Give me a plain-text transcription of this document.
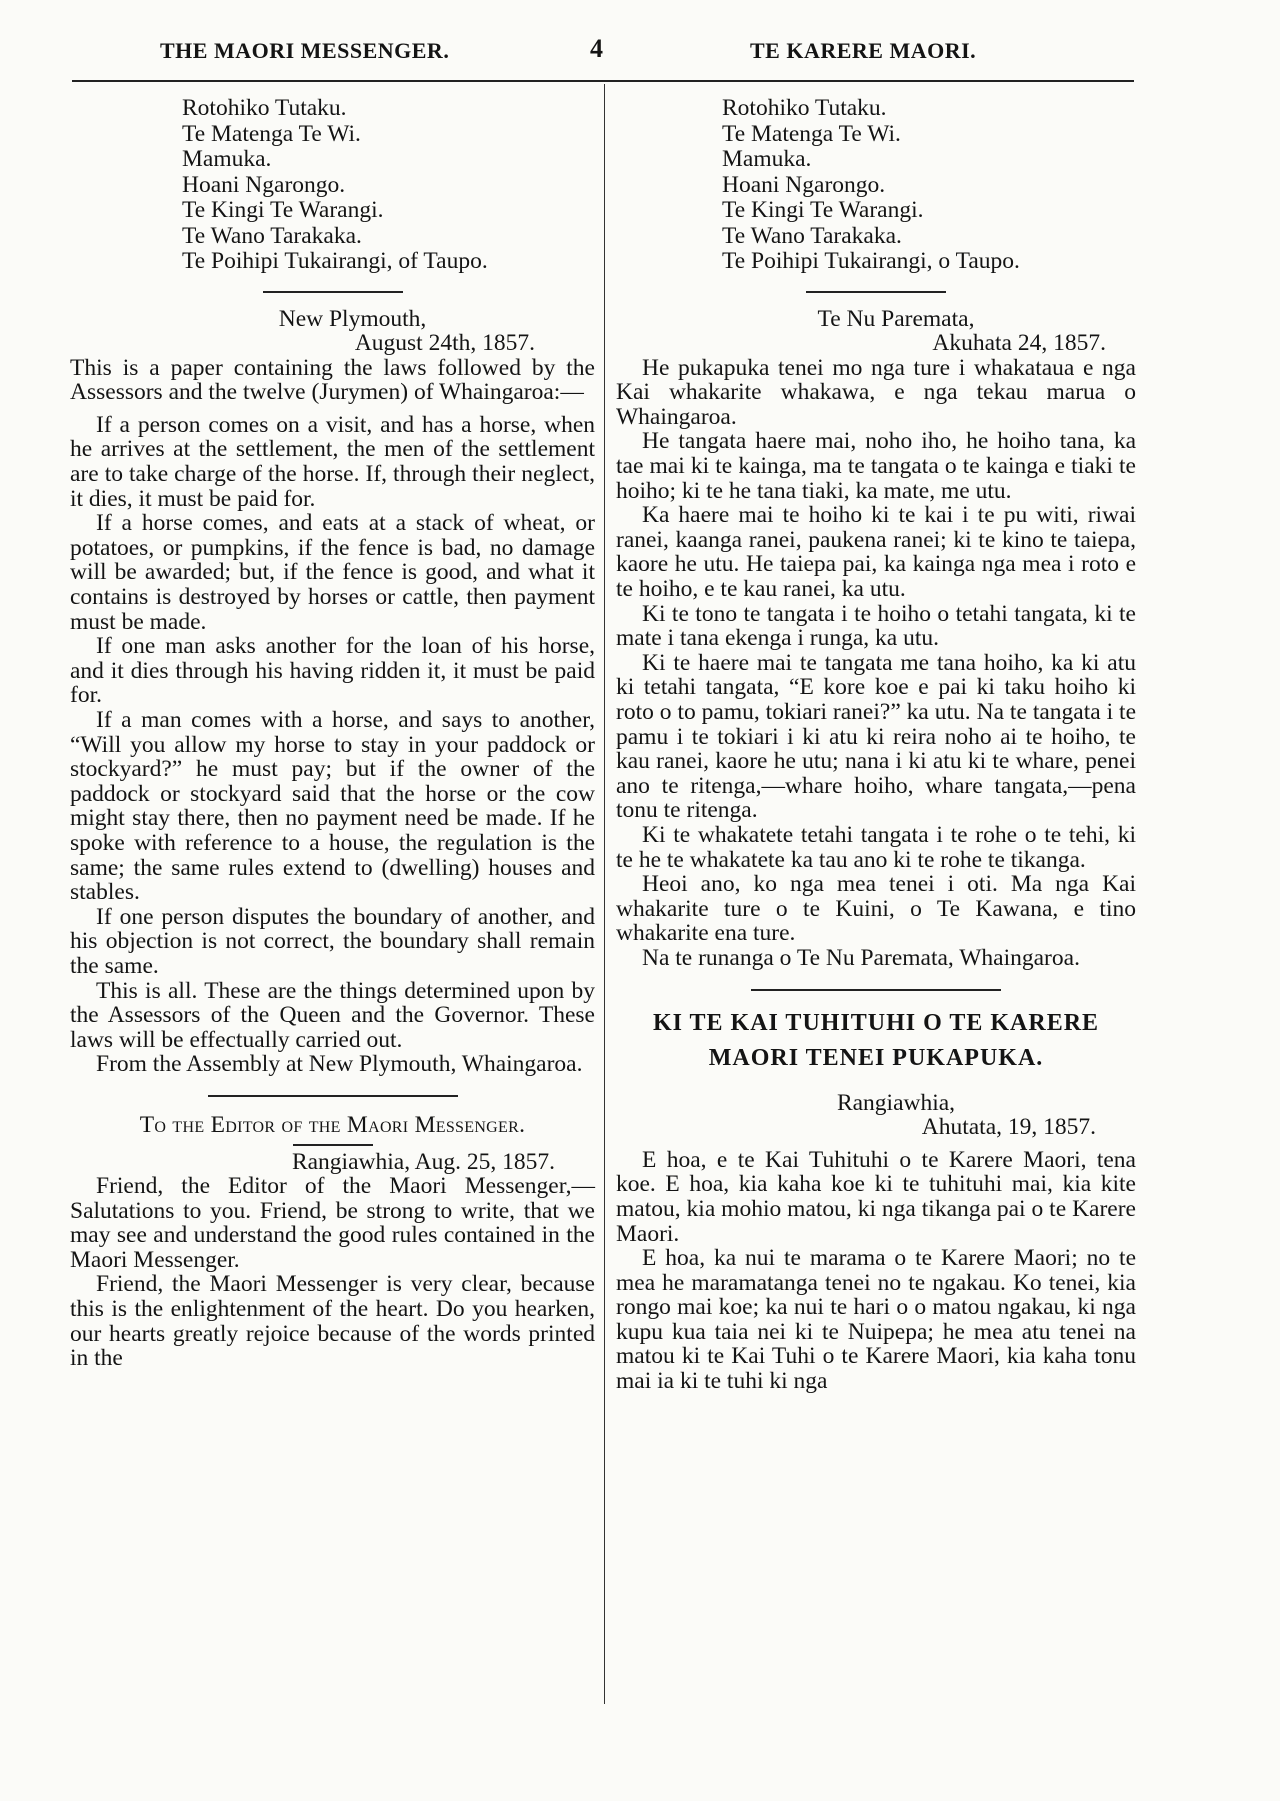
THE MAORI MESSENGER.	4	TE KARERE MAORI.
Rotohiko Tutaku.
Te Matenga Te Wi.
Mamuka.
Hoani Ngarongo.
Te Kingi Te Warangi.
Te Wano Tarakaka.
Te Poihipi Tukairangi, of Taupo.
New Plymouth,
August 24th, 1857.

This is a paper containing the laws followed by the Assessors and the twelve (Jurymen) of Whaingaroa:—

If a person comes on a visit, and has a horse, when he arrives at the settlement, the men of the settlement are to take charge of the horse. If, through their neglect, it dies, it must be paid for.

If a horse comes, and eats at a stack of wheat, or potatoes, or pumpkins, if the fence is bad, no damage will be awarded; but, if the fence is good, and what it contains is destroyed by horses or cattle, then payment must be made.

If one man asks another for the loan of his horse, and it dies through his having ridden it, it must be paid for.

If a man comes with a horse, and says to another, “Will you allow my horse to stay in your paddock or stockyard?” he must pay; but if the owner of the paddock or stockyard said that the horse or the cow might stay there, then no payment need be made. If he spoke with reference to a house, the regulation is the same; the same rules extend to (dwelling) houses and stables.

If one person disputes the boundary of another, and his objection is not correct, the boundary shall remain the same.

This is all. These are the things determined upon by the Assessors of the Queen and the Governor. These laws will be effectually carried out.

From the Assembly at New Plymouth, Whaingaroa.

To the Editor of the Maori Messenger.
Rangiawhia, Aug. 25, 1857.

Friend, the Editor of the Maori Messenger,—Salutations to you. Friend, be strong to write, that we may see and understand the good rules contained in the Maori Messenger.

Friend, the Maori Messenger is very clear, because this is the enlightenment of the heart. Do you hearken, our hearts greatly rejoice because of the words printed in the

Rotohiko Tutaku.
Te Matenga Te Wi.
Mamuka.
Hoani Ngarongo.
Te Kingi Te Warangi.
Te Wano Tarakaka.
Te Poihipi Tukairangi, o Taupo.
Te Nu Paremata,
Akuhata 24, 1857.

He pukapuka tenei mo nga ture i whakataua e nga Kai whakarite whakawa, e nga tekau marua o Whaingaroa.

He tangata haere mai, noho iho, he hoiho tana, ka tae mai ki te kainga, ma te tangata o te kainga e tiaki te hoiho; ki te he tana tiaki, ka mate, me utu.

Ka haere mai te hoiho ki te kai i te pu witi, riwai ranei, kaanga ranei, paukena ranei; ki te kino te taiepa, kaore he utu. He taiepa pai, ka kainga nga mea i roto e te hoiho, e te kau ranei, ka utu.

Ki te tono te tangata i te hoiho o tetahi tangata, ki te mate i tana ekenga i runga, ka utu.

Ki te haere mai te tangata me tana hoiho, ka ki atu ki tetahi tangata, “E kore koe e pai ki taku hoiho ki roto o to pamu, tokiari ranei?” ka utu. Na te tangata i te pamu i te tokiari i ki atu ki reira noho ai te hoiho, te kau ranei, kaore he utu; nana i ki atu ki te whare, penei ano te ritenga,—whare hoiho, whare tangata,—pena tonu te ritenga.

Ki te whakatete tetahi tangata i te rohe o te tehi, ki te he te whakatete ka tau ano ki te rohe te tikanga.

Heoi ano, ko nga mea tenei i oti. Ma nga Kai whakarite ture o te Kuini, o Te Kawana, e tino whakarite ena ture.

Na te runanga o Te Nu Paremata, Whaingaroa.

KI TE KAI TUHITUHI O TE KARERE
MAORI TENEI PUKAPUKA.
Rangiawhia,
Ahutata, 19, 1857.

E hoa, e te Kai Tuhituhi o te Karere Maori, tena koe. E hoa, kia kaha koe ki te tuhituhi mai, kia kite matou, kia mohio matou, ki nga tikanga pai o te Karere Maori.

E hoa, ka nui te marama o te Karere Maori; no te mea he maramatanga tenei no te ngakau. Ko tenei, kia rongo mai koe; ka nui te hari o o matou ngakau, ki nga kupu kua taia nei ki te Nuipepa; he mea atu tenei na matou ki te Kai Tuhi o te Karere Maori, kia kaha tonu mai ia ki te tuhi ki nga
